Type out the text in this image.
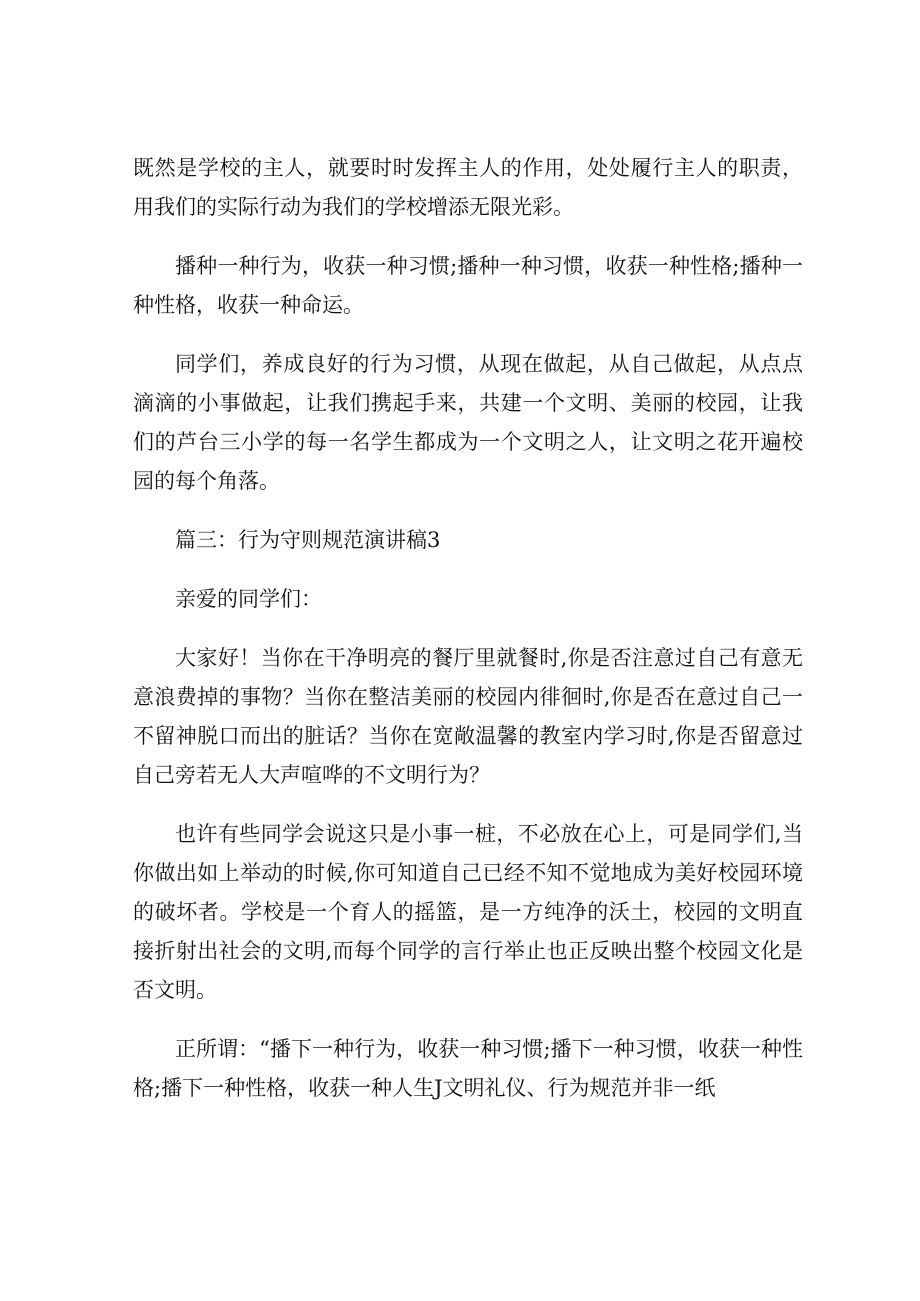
既然是学校的主人，就要时时发挥主人的作用，处处履行主人的职责，用我们的实际行动为我们的学校增添无限光彩。

播种一种行为，收获一种习惯;播种一种习惯，收获一种性格;播种一种性格，收获一种命运。

同学们，养成良好的行为习惯，从现在做起，从自己做起，从点点滴滴的小事做起，让我们携起手来，共建一个文明、美丽的校园，让我们的芦台三小学的每一名学生都成为一个文明之人，让文明之花开遍校园的每个角落。

篇三：行为守则规范演讲稿3

亲爱的同学们：

大家好！当你在干净明亮的餐厅里就餐时,你是否注意过自己有意无意浪费掉的事物？当你在整洁美丽的校园内徘徊时,你是否在意过自己一不留神脱口而出的脏话？当你在宽敞温馨的教室内学习时,你是否留意过自己旁若无人大声喧哗的不文明行为？

也许有些同学会说这只是小事一桩，不必放在心上，可是同学们,当你做出如上举动的时候,你可知道自己已经不知不觉地成为美好校园环境的破坏者。学校是一个育人的摇篮，是一方纯净的沃土，校园的文明直接折射出社会的文明,而每个同学的言行举止也正反映出整个校园文化是否文明。

正所谓：“播下一种行为，收获一种习惯;播下一种习惯，收获一种性格;播下一种性格，收获一种人生J文明礼仪、行为规范并非一纸
